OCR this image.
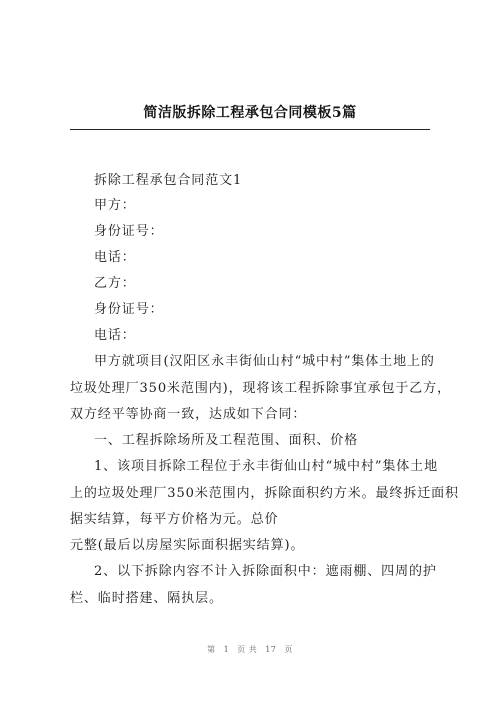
简洁版拆除工程承包合同模板5篇
拆除工程承包合同范文1
甲方：
身份证号：
电话：
乙方：
身份证号：
电话：
甲方就项目(汉阳区永丰街仙山村“城中村”集体土地上的
垃圾处理厂350米范围内)，现将该工程拆除事宜承包于乙方，
双方经平等协商一致，达成如下合同：
一、工程拆除场所及工程范围、面积、价格
1、该项目拆除工程位于永丰街仙山村“城中村”集体土地
上的垃圾处理厂350米范围内，拆除面积约方米。最终拆迁面积
据实结算，每平方价格为元。总价
元整(最后以房屋实际面积据实结算)。
2、以下拆除内容不计入拆除面积中：遮雨棚、四周的护
栏、临时搭建、隔执层。
第 1 页 共 17 页
